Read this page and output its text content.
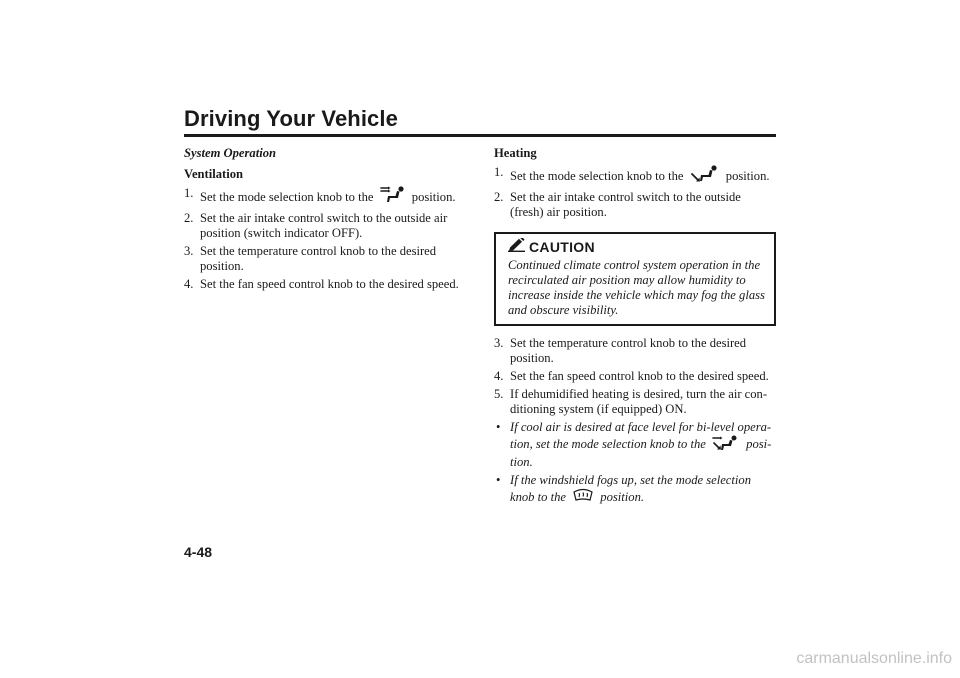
Driving Your Vehicle

System Operation

Ventilation

1. Set the mode selection knob to the	position.
2. Set the air intake control switch to the outside air position (switch indicator OFF).
3. Set the temperature control knob to the desired position.
4. Set the fan speed control knob to the desired speed.

Heating

1. Set the mode selection knob to the	position.
2. Set the air intake control switch to the outside (fresh) air position.
CAUTION

Continued climate control system operation in the recirculated air position may allow humidity to increase inside the vehicle which may fog the glass and obscure visibility.

3. Set the temperature control knob to the desired position.
4. Set the fan speed control knob to the desired speed.
5. If dehumidified heating is desired, turn the air con-ditioning system (if equipped) ON.
• If cool air is desired at face level for bi-level opera-tion, set the mode selection knob to the	posi-tion.
• If the windshield fogs up, set the mode selection knob to the	position.

4-48

carmanualsonline.info
